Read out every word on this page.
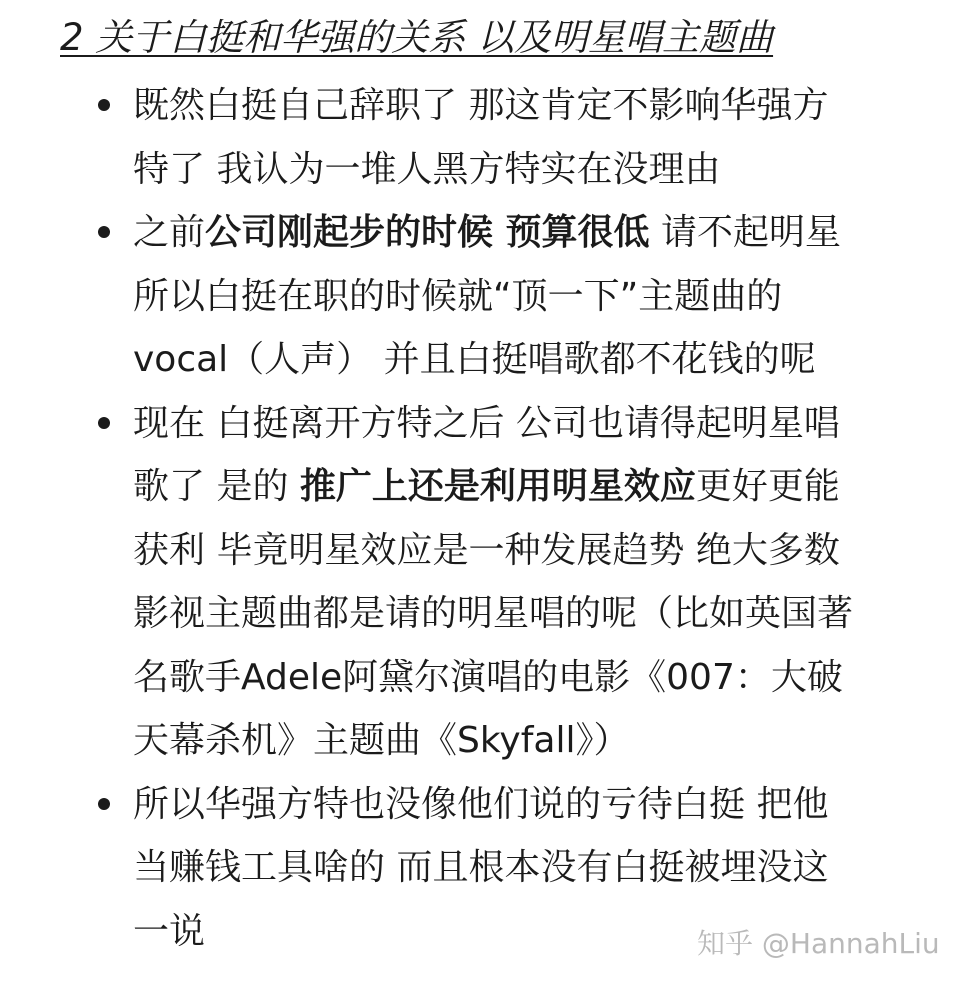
2 关于白挺和华强的关系 以及明星唱主题曲
既然白挺自己辞职了 那这肯定不影响华强方
特了 我认为一堆人黑方特实在没理由
之前公司刚起步的时候 预算很低 请不起明星
所以白挺在职的时候就“顶一下”主题曲的
vocal（人声） 并且白挺唱歌都不花钱的呢
现在 白挺离开方特之后 公司也请得起明星唱
歌了 是的 推广上还是利用明星效应更好更能
获利 毕竟明星效应是一种发展趋势 绝大多数
影视主题曲都是请的明星唱的呢（比如英国著
名歌手Adele阿黛尔演唱的电影《007：大破
天幕杀机》主题曲《Skyfall》）
所以华强方特也没像他们说的亏待白挺 把他
当赚钱工具啥的 而且根本没有白挺被埋没这
一说	知乎 @HannahLiu
